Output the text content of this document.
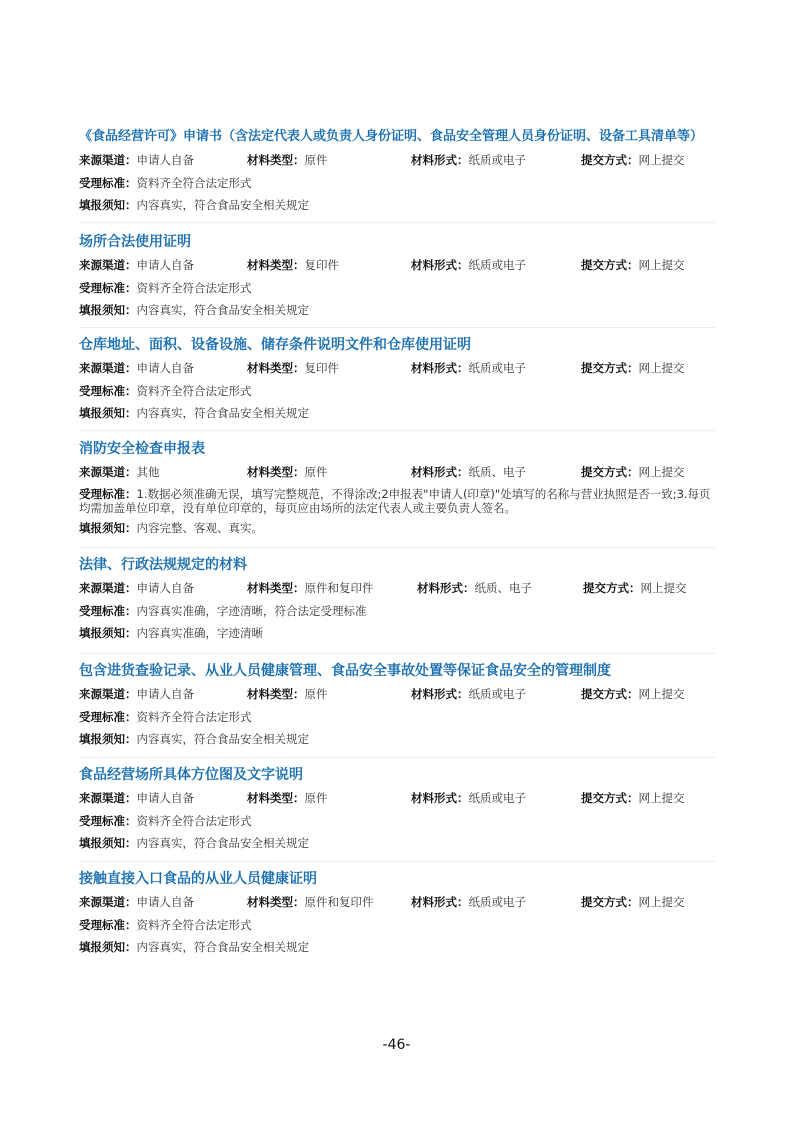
《食品经营许可》申请书（含法定代表人或负责人身份证明、食品安全管理人员身份证明、设备工具清单等）
来源渠道：申请人自备	材料类型：原件	材料形式：纸质或电子	提交方式：网上提交
受理标准：资料齐全符合法定形式
填报须知：内容真实，符合食品安全相关规定
场所合法使用证明
来源渠道：申请人自备	材料类型：复印件	材料形式：纸质或电子	提交方式：网上提交
受理标准：资料齐全符合法定形式
填报须知：内容真实，符合食品安全相关规定
仓库地址、面积、设备设施、储存条件说明文件和仓库使用证明
来源渠道：申请人自备	材料类型：复印件	材料形式：纸质或电子	提交方式：网上提交
受理标准：资料齐全符合法定形式
填报须知：内容真实，符合食品安全相关规定
消防安全检查申报表
来源渠道：其他	材料类型：原件	材料形式：纸质、电子	提交方式：网上提交
受理标准：1.数据必须准确无误，填写完整规范，不得涂改;2申报表"申请人(印章)"处填写的名称与营业执照是否一致;3.每页均需加盖单位印章，没有单位印章的，每页应由场所的法定代表人或主要负责人签名。
填报须知：内容完整、客观、真实。
法律、行政法规规定的材料
来源渠道：申请人自备	材料类型：原件和复印件	材料形式：纸质、电子	提交方式：网上提交
受理标准：内容真实准确，字迹清晰，符合法定受理标准
填报须知：内容真实准确，字迹清晰
包含进货查验记录、从业人员健康管理、食品安全事故处置等保证食品安全的管理制度
来源渠道：申请人自备	材料类型：原件	材料形式：纸质或电子	提交方式：网上提交
受理标准：资料齐全符合法定形式
填报须知：内容真实，符合食品安全相关规定
食品经营场所具体方位图及文字说明
来源渠道：申请人自备	材料类型：原件	材料形式：纸质或电子	提交方式：网上提交
受理标准：资料齐全符合法定形式
填报须知：内容真实，符合食品安全相关规定
接触直接入口食品的从业人员健康证明
来源渠道：申请人自备	材料类型：原件和复印件	材料形式：纸质或电子	提交方式：网上提交
受理标准：资料齐全符合法定形式
填报须知：内容真实，符合食品安全相关规定
-46-
